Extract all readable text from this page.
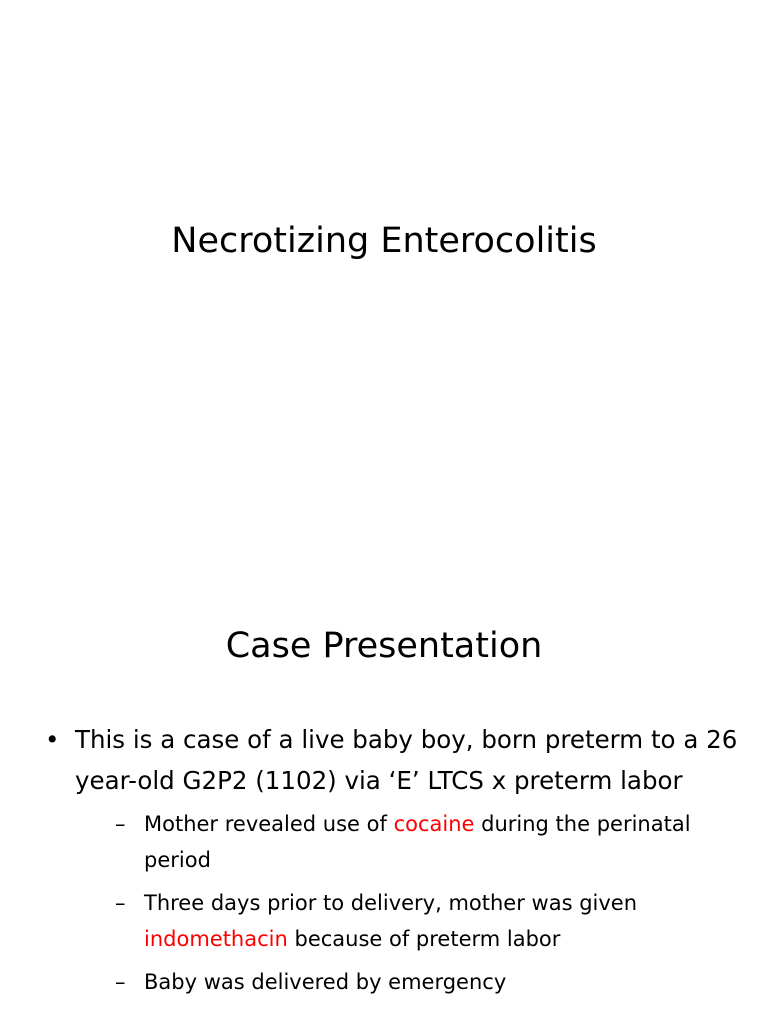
Necrotizing Enterocolitis
Case Presentation
• This is a case of a live baby boy, born preterm to a 26 year-old G2P2 (1102) via ‘E’ LTCS x preterm labor
– Mother revealed use of cocaine during the perinatal period
– Three days prior to delivery, mother was given indomethacin because of preterm labor
– Baby was delivered by emergency
